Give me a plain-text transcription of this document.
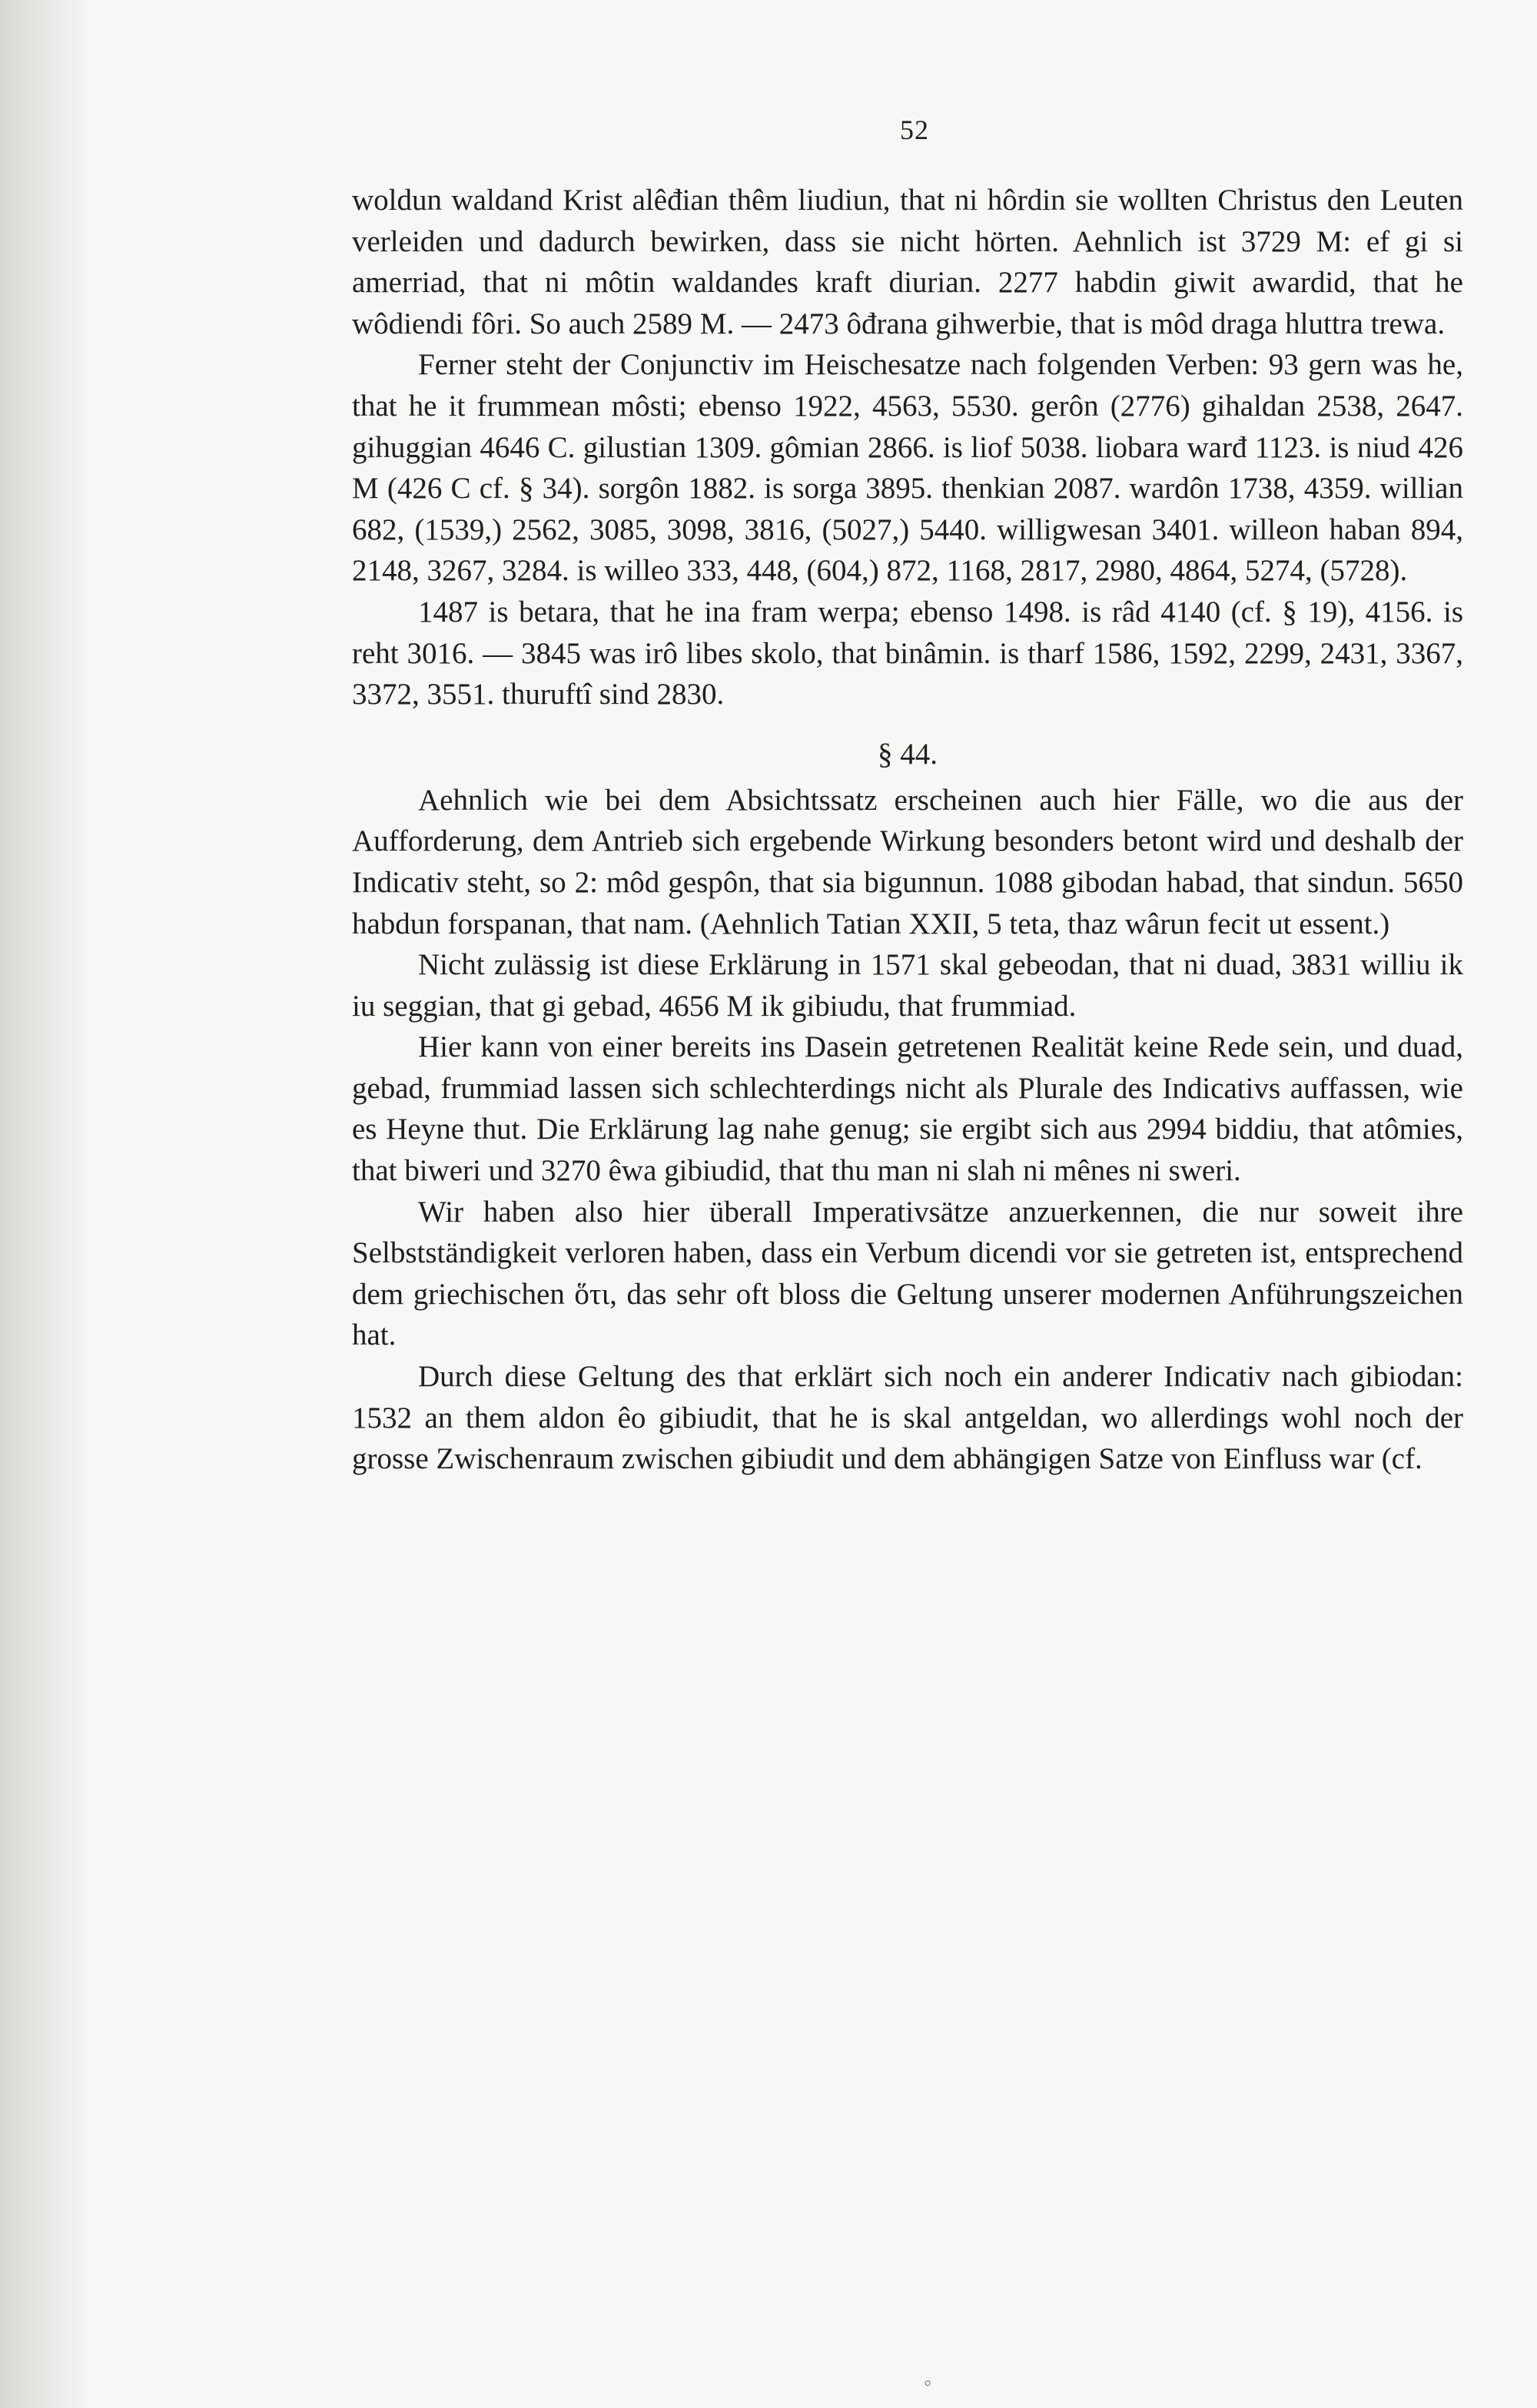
52

woldun waldand Krist alêđian thêm liudiun, that ni hôrdin sie wollten Christus den Leuten verleiden und dadurch bewirken, dass sie nicht hörten. Aehnlich ist 3729 M: ef gi si amerriad, that ni môtin waldandes kraft diurian. 2277 habdin giwit awardid, that he wôdiendi fôri. So auch 2589 M. — 2473 ôđrana gihwerbie, that is môd draga hluttra trewa.

Ferner steht der Conjunctiv im Heischesatze nach folgenden Verben: 93 gern was he, that he it frummean môsti; ebenso 1922, 4563, 5530. gerôn (2776) gihaldan 2538, 2647. gihuggian 4646 C. gilustian 1309. gômian 2866. is liof 5038. liobara warđ 1123. is niud 426 M (426 C cf. § 34). sorgôn 1882. is sorga 3895. thenkian 2087. wardôn 1738, 4359. willian 682, (1539,) 2562, 3085, 3098, 3816, (5027,) 5440. willigwesan 3401. willeon haban 894, 2148, 3267, 3284. is willeo 333, 448, (604,) 872, 1168, 2817, 2980, 4864, 5274, (5728).

1487 is betara, that he ina fram werpa; ebenso 1498. is râd 4140 (cf. § 19), 4156. is reht 3016. — 3845 was irô libes skolo, that binâmin. is tharf 1586, 1592, 2299, 2431, 3367, 3372, 3551. thuruftî sind 2830.

§ 44.

Aehnlich wie bei dem Absichtssatz erscheinen auch hier Fälle, wo die aus der Aufforderung, dem Antrieb sich ergebende Wirkung besonders betont wird und deshalb der Indicativ steht, so 2: môd gespôn, that sia bigunnun. 1088 gibodan habad, that sindun. 5650 habdun forspanan, that nam. (Aehnlich Tatian XXII, 5 teta, thaz wârun fecit ut essent.)

Nicht zulässig ist diese Erklärung in 1571 skal gebeodan, that ni duad, 3831 williu ik iu seggian, that gi gebad, 4656 M ik gibiudu, that frummiad.

Hier kann von einer bereits ins Dasein getretenen Realität keine Rede sein, und duad, gebad, frummiad lassen sich schlechterdings nicht als Plurale des Indicativs auffassen, wie es Heyne thut. Die Erklärung lag nahe genug; sie ergibt sich aus 2994 biddiu, that atômies, that biweri und 3270 êwa gibiudid, that thu man ni slah ni mênes ni sweri.

Wir haben also hier überall Imperativsätze anzuerkennen, die nur soweit ihre Selbstständigkeit verloren haben, dass ein Verbum dicendi vor sie getreten ist, entsprechend dem griechischen ὅτι, das sehr oft bloss die Geltung unserer modernen Anführungszeichen hat.

Durch diese Geltung des that erklärt sich noch ein anderer Indicativ nach gibiodan: 1532 an them aldon êo gibiudit, that he is skal antgeldan, wo allerdings wohl noch der grosse Zwischenraum zwischen gibiudit und dem abhängigen Satze von Einfluss war (cf.

◦
